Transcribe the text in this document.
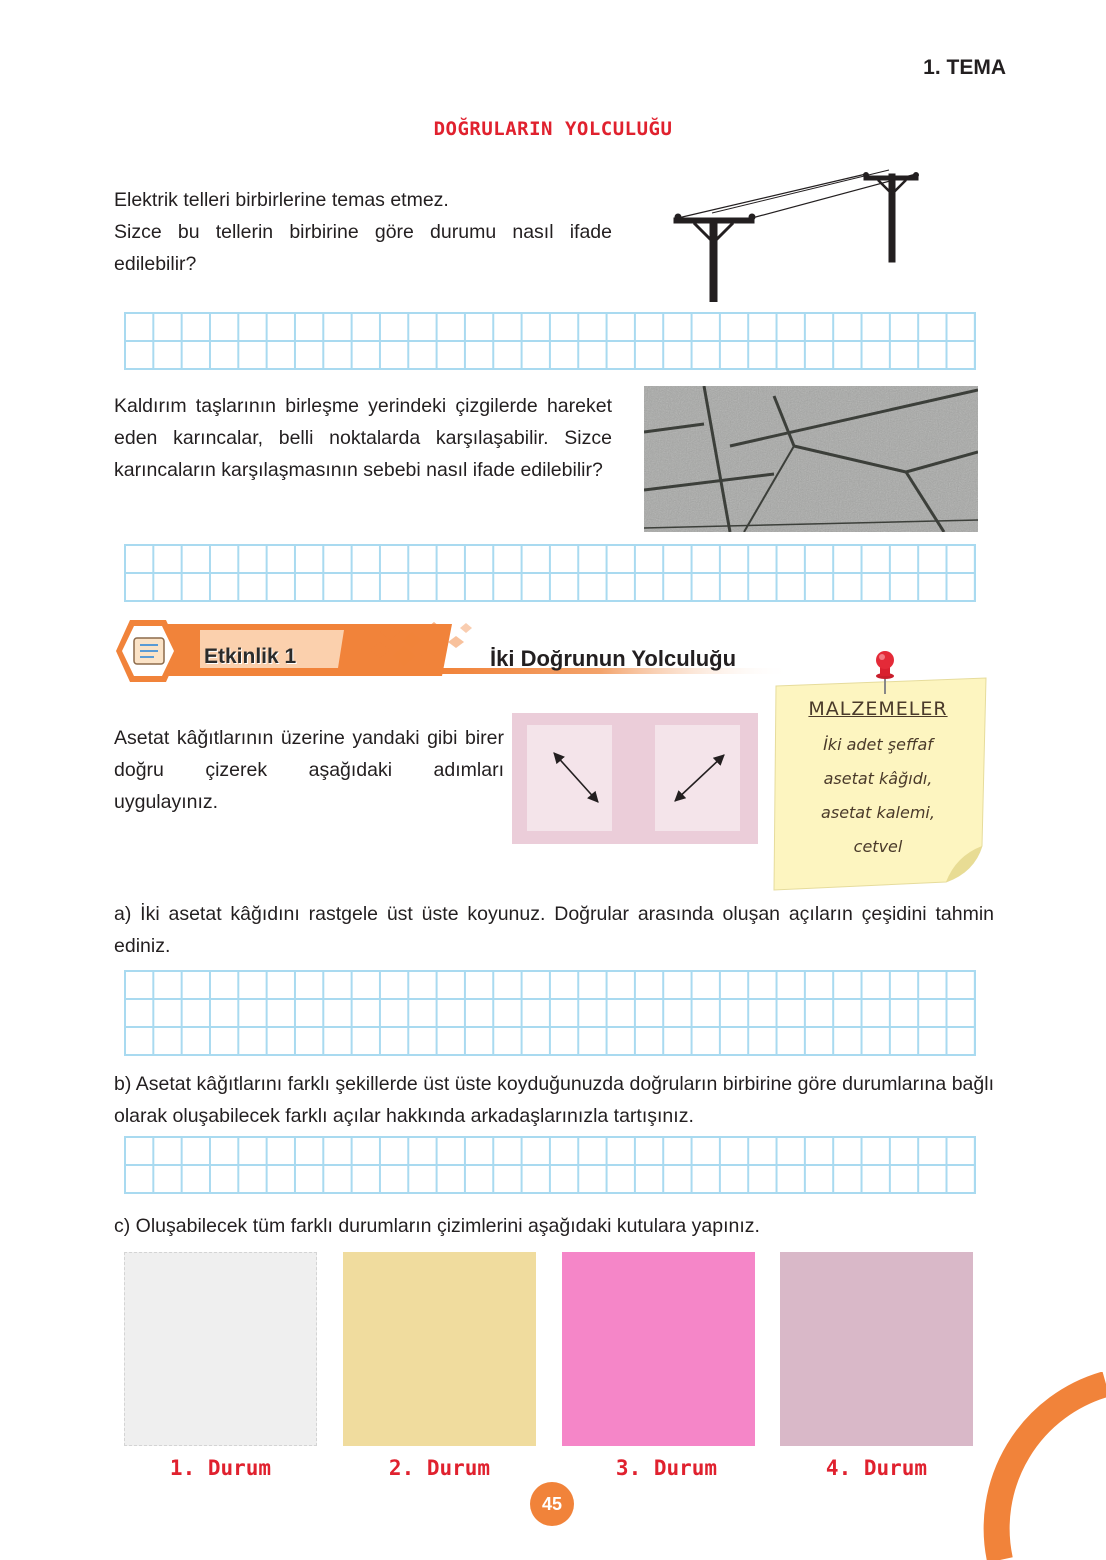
1. TEMA
DOĞRULARIN YOLCULUĞU

Elektrik telleri birbirlerine temas etmez.

Sizce bu tellerin birbirine göre durumu nasıl ifade edilebilir?

Kaldırım taşlarının birleşme yerindeki çizgilerde hareket eden karıncalar, belli noktalarda karşılaşabilir. Sizce karıncaların karşılaşmasının sebebi nasıl ifade edilebilir?
Etkinlik 1	İki Doğrunun Yolculuğu
MALZEMELER
İki adet şeffaf
asetat kâğıdı,
asetat kalemi,
cetvel
Asetat kâğıtlarının üzerine yandaki gibi birer doğru çizerek aşağıdaki adımları uygulayınız.
a) İki asetat kâğıdını rastgele üst üste koyunuz. Doğrular arasında oluşan açıların çeşidini tahmin ediniz.
b) Asetat kâğıtlarını farklı şekillerde üst üste koyduğunuzda doğruların birbirine göre durumlarına bağlı olarak oluşabilecek farklı açılar hakkında arkadaşlarınızla tartışınız.
c) Oluşabilecek tüm farklı durumların çizimlerini aşağıdaki kutulara yapınız.
1. Durum	2. Durum	3. Durum	4. Durum
45
